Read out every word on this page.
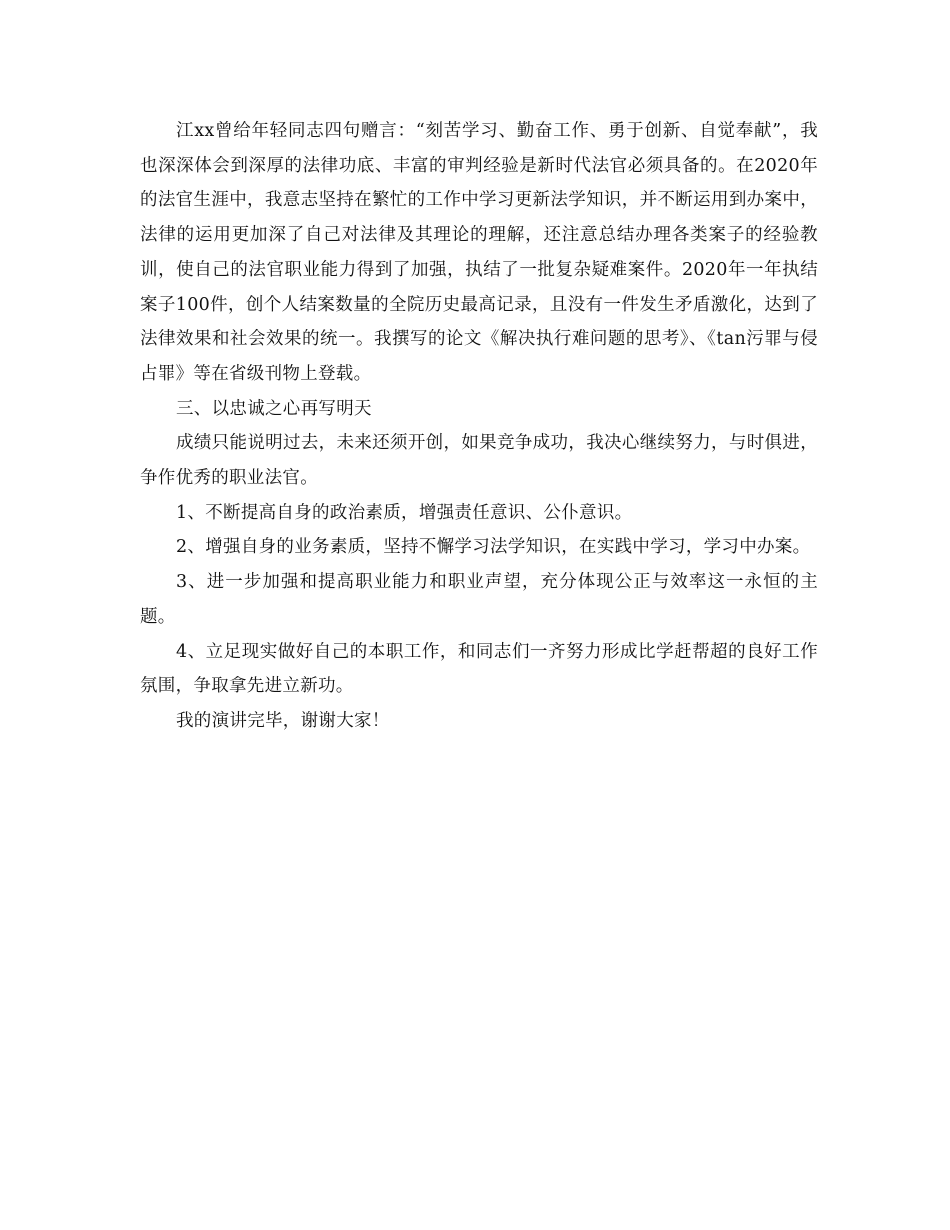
江xx曾给年轻同志四句赠言：“刻苦学习、勤奋工作、勇于创新、自觉奉献”，我也深深体会到深厚的法律功底、丰富的审判经验是新时代法官必须具备的。在2020年的法官生涯中，我意志坚持在繁忙的工作中学习更新法学知识，并不断运用到办案中，法律的运用更加深了自己对法律及其理论的理解，还注意总结办理各类案子的经验教训，使自己的法官职业能力得到了加强，执结了一批复杂疑难案件。2020年一年执结案子100件，创个人结案数量的全院历史最高记录，且没有一件发生矛盾激化，达到了法律效果和社会效果的统一。我撰写的论文《解决执行难问题的思考》、《tan污罪与侵占罪》等在省级刊物上登载。

三、以忠诚之心再写明天

成绩只能说明过去，未来还须开创，如果竞争成功，我决心继续努力，与时俱进，争作优秀的职业法官。

1、不断提高自身的政治素质，增强责任意识、公仆意识。

2、增强自身的业务素质，坚持不懈学习法学知识，在实践中学习，学习中办案。

3、进一步加强和提高职业能力和职业声望，充分体现公正与效率这一永恒的主题。

4、立足现实做好自己的本职工作，和同志们一齐努力形成比学赶帮超的良好工作氛围，争取拿先进立新功。

我的演讲完毕，谢谢大家！
